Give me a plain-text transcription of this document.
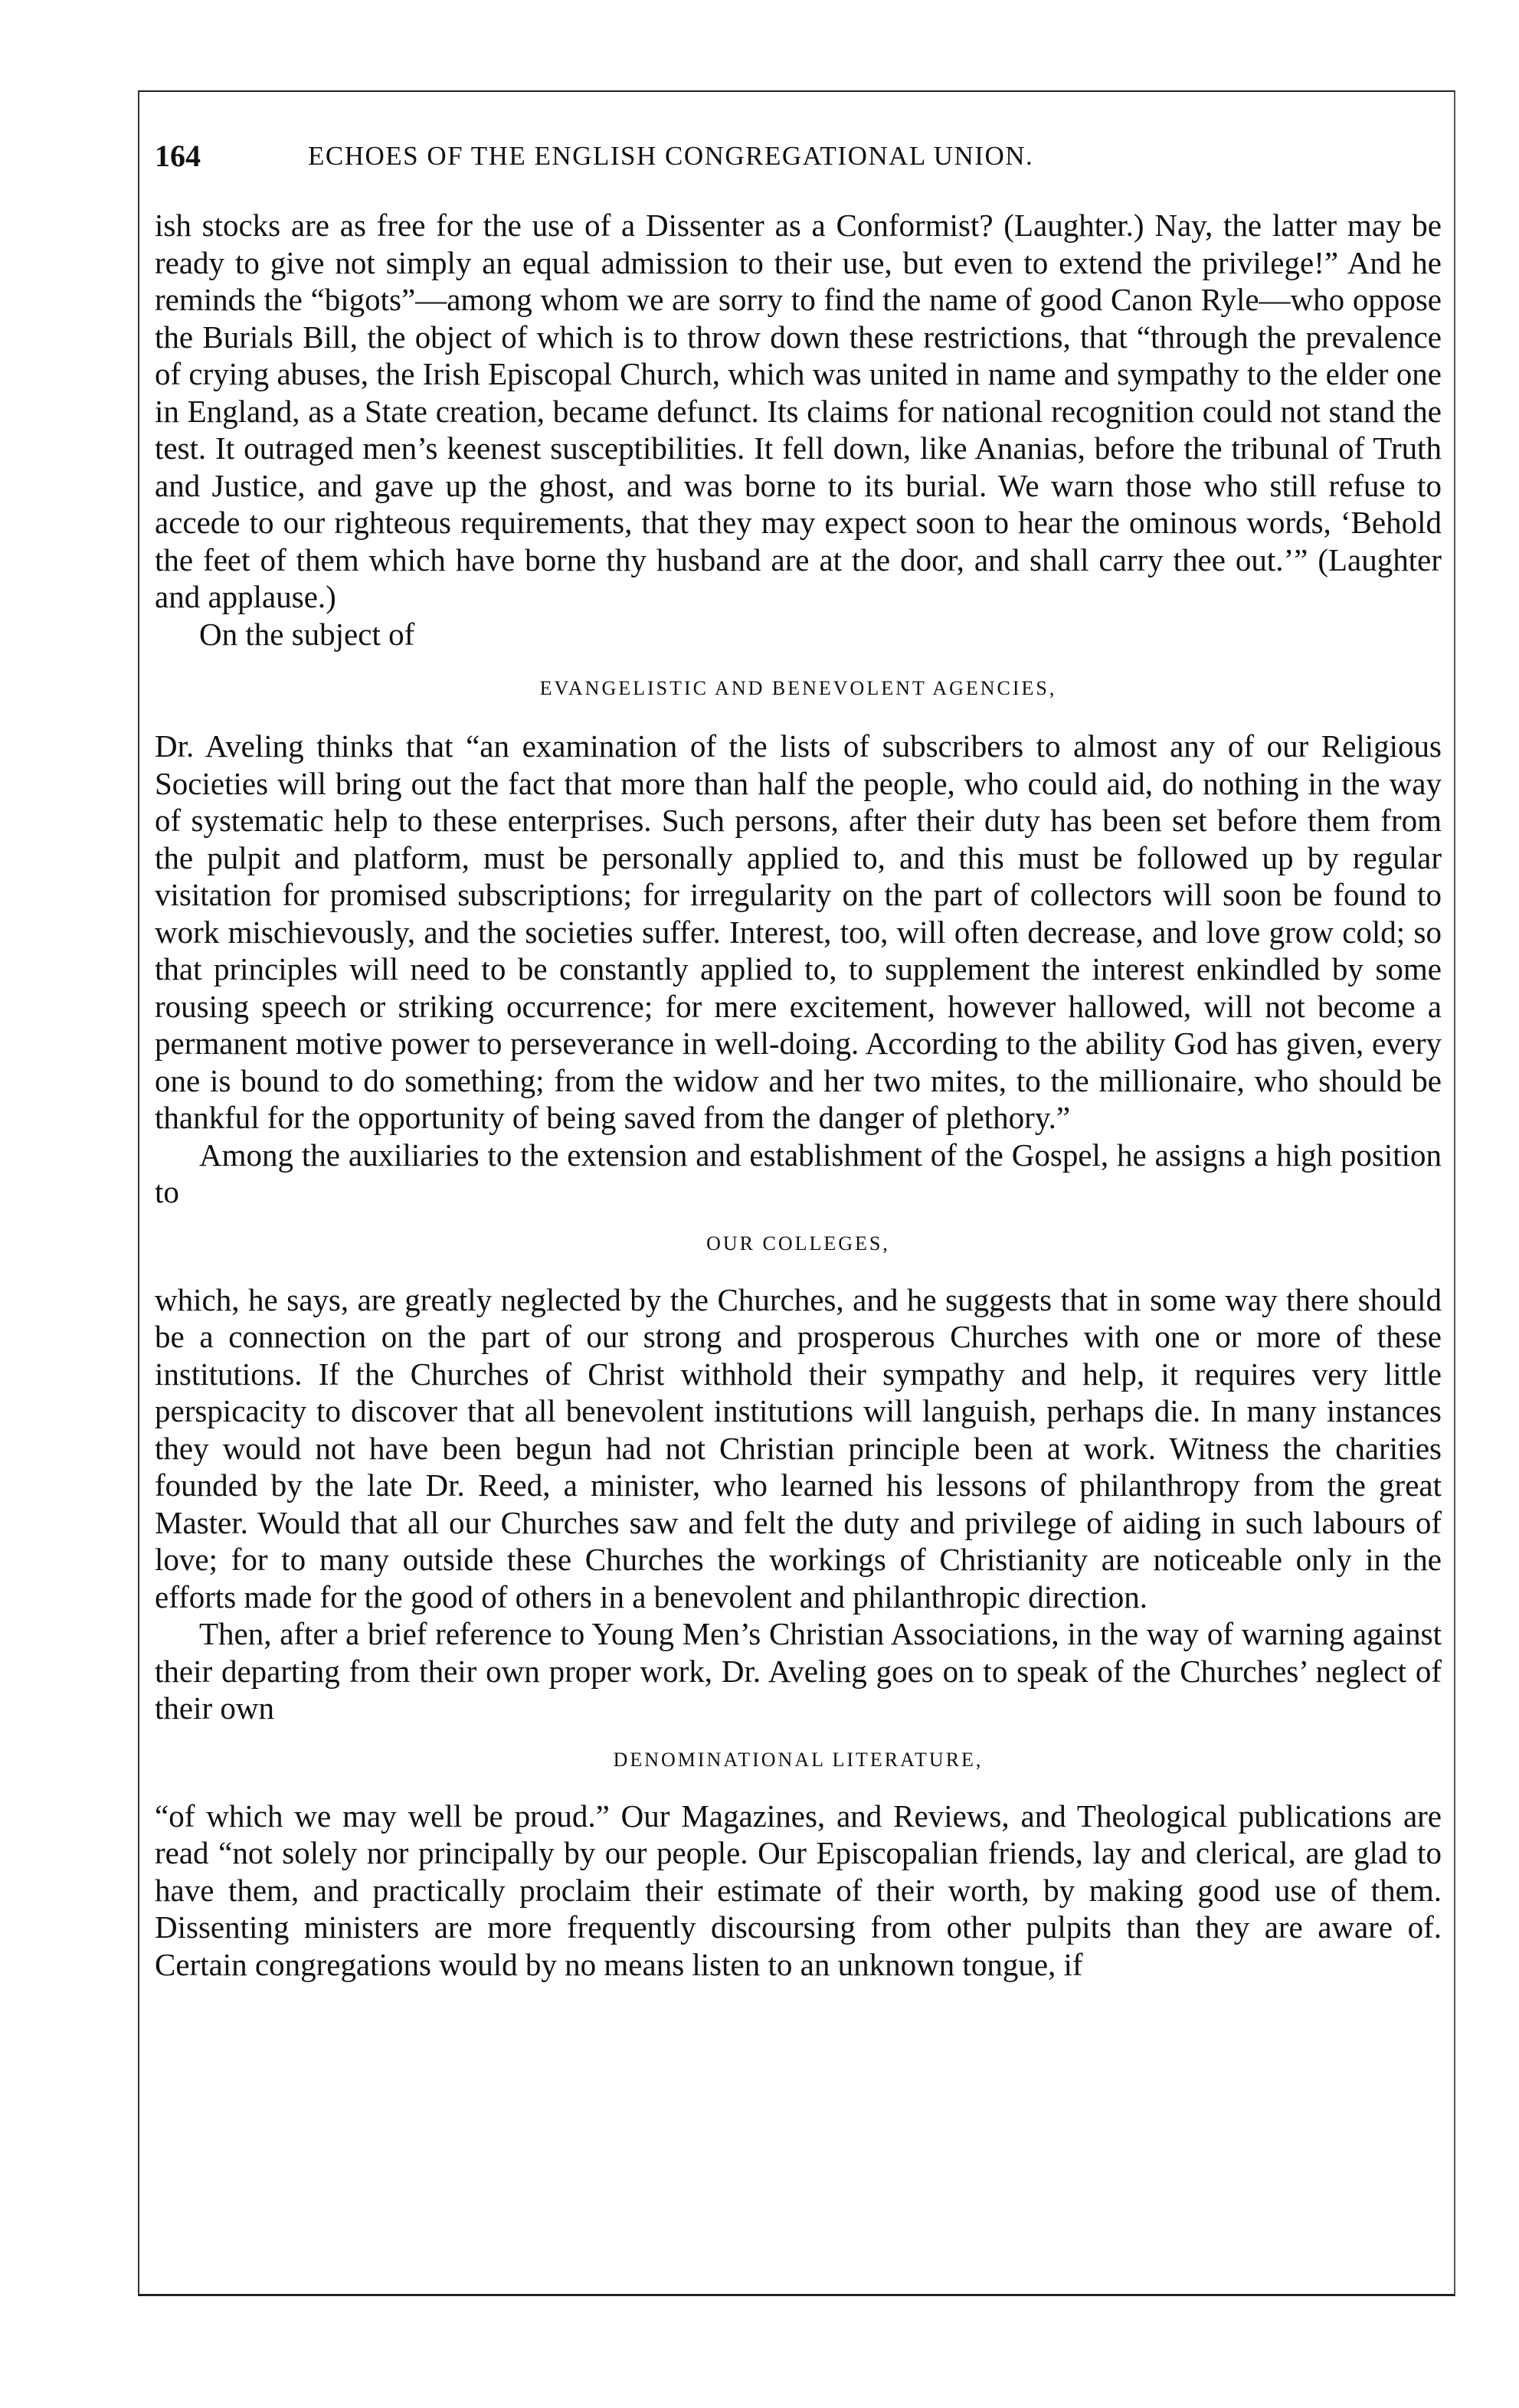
164	ECHOES OF THE ENGLISH CONGREGATIONAL UNION.

ish stocks are as free for the use of a Dissenter as a Conformist? (Laughter.) Nay, the latter may be ready to give not simply an equal admission to their use, but even to extend the privilege!” And he reminds the “bigots”—among whom we are sorry to find the name of good Canon Ryle—who oppose the Burials Bill, the object of which is to throw down these restrictions, that “through the prevalence of crying abuses, the Irish Episcopal Church, which was united in name and sympathy to the elder one in England, as a State creation, became defunct. Its claims for national recognition could not stand the test. It outraged men’s keenest susceptibilities. It fell down, like Ananias, before the tribunal of Truth and Justice, and gave up the ghost, and was borne to its burial. We warn those who still refuse to accede to our righteous requirements, that they may expect soon to hear the ominous words, ‘Behold the feet of them which have borne thy husband are at the door, and shall carry thee out.’” (Laughter and applause.)

On the subject of

EVANGELISTIC AND BENEVOLENT AGENCIES,

Dr. Aveling thinks that “an examination of the lists of subscribers to almost any of our Religious Societies will bring out the fact that more than half the people, who could aid, do nothing in the way of systematic help to these enterprises. Such persons, after their duty has been set before them from the pulpit and platform, must be personally applied to, and this must be followed up by regular visitation for promised subscriptions; for irregularity on the part of collectors will soon be found to work mischievously, and the societies suffer. Interest, too, will often decrease, and love grow cold; so that principles will need to be constantly applied to, to supplement the interest enkindled by some rousing speech or striking occurrence; for mere excitement, however hallowed, will not become a permanent motive power to perseverance in well-doing. According to the ability God has given, every one is bound to do something; from the widow and her two mites, to the millionaire, who should be thankful for the opportunity of being saved from the danger of plethory.”

Among the auxiliaries to the extension and establishment of the Gospel, he assigns a high position to

OUR COLLEGES,

which, he says, are greatly neglected by the Churches, and he suggests that in some way there should be a connection on the part of our strong and prosperous Churches with one or more of these institutions. If the Churches of Christ withhold their sympathy and help, it requires very little perspicacity to discover that all benevolent institutions will languish, perhaps die. In many instances they would not have been begun had not Christian principle been at work. Witness the charities founded by the late Dr. Reed, a minister, who learned his lessons of philanthropy from the great Master. Would that all our Churches saw and felt the duty and privilege of aiding in such labours of love; for to many outside these Churches the workings of Christianity are noticeable only in the efforts made for the good of others in a benevolent and philanthropic direction.

Then, after a brief reference to Young Men’s Christian Associations, in the way of warning against their departing from their own proper work, Dr. Aveling goes on to speak of the Churches’ neglect of their own

DENOMINATIONAL LITERATURE,

“of which we may well be proud.” Our Magazines, and Reviews, and Theological publications are read “not solely nor principally by our people. Our Episcopalian friends, lay and clerical, are glad to have them, and practically proclaim their estimate of their worth, by making good use of them. Dissenting ministers are more frequently discoursing from other pulpits than they are aware of. Certain congregations would by no means listen to an unknown tongue, if
